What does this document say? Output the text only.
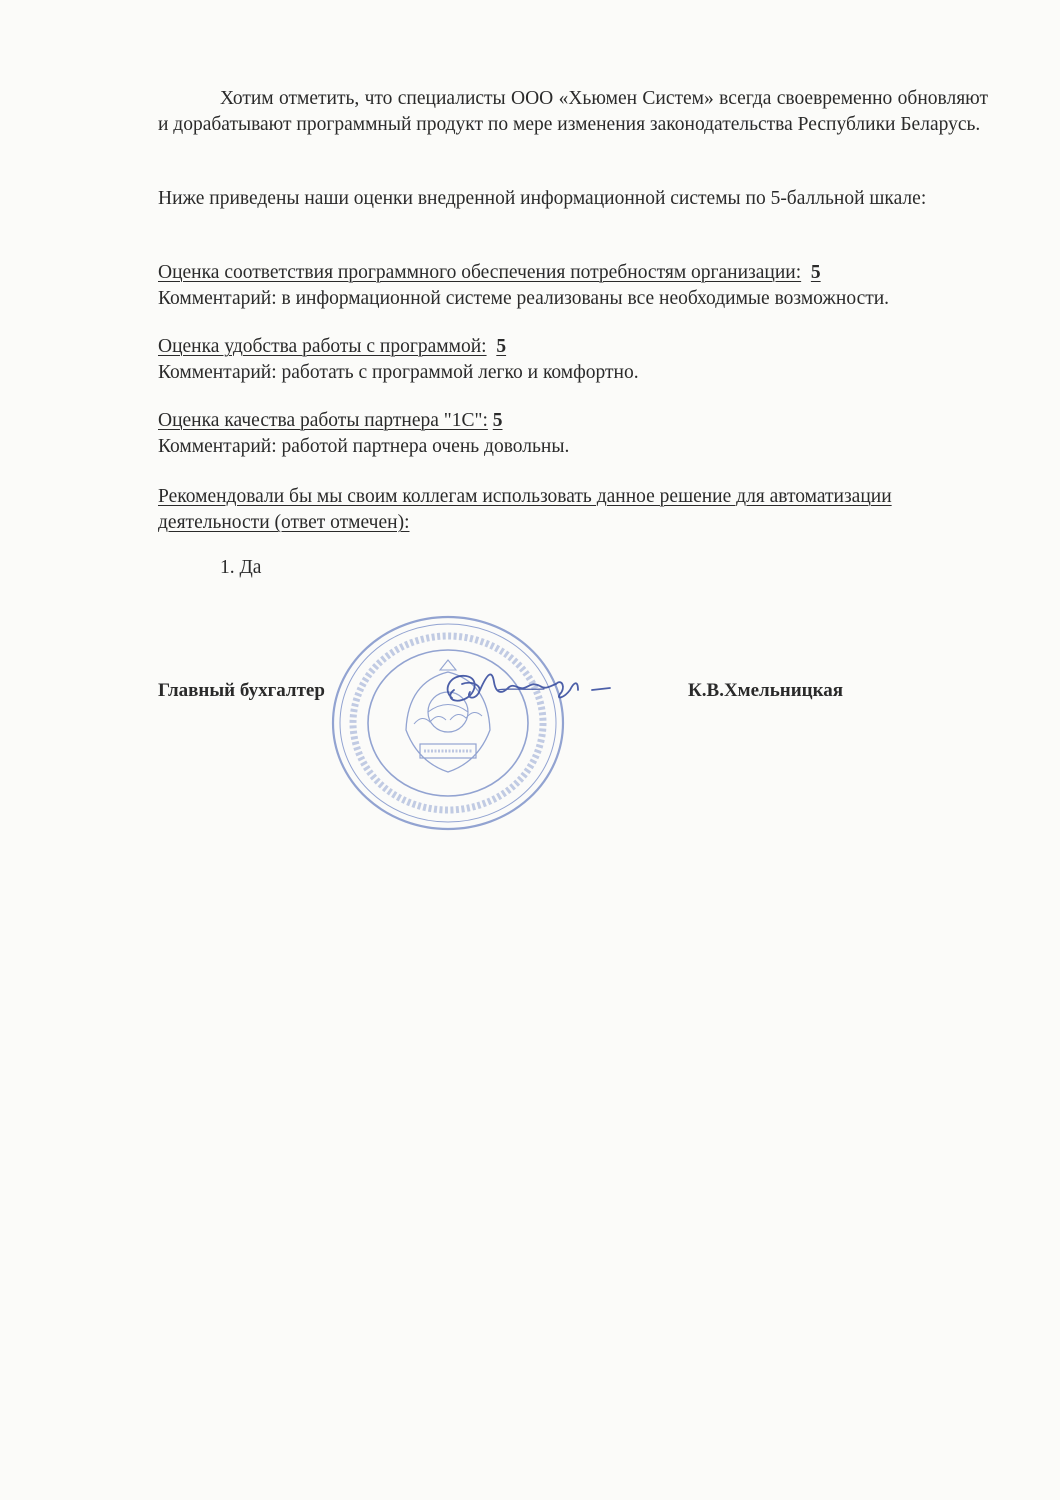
Хотим отметить, что специалисты ООО «Хьюмен Систем» всегда своевременно обновляют и дорабатывают программный продукт по мере изменения законодательства Республики Беларусь.

Ниже приведены наши оценки внедренной информационной системы по 5-балльной шкале:

Оценка соответствия программного обеспечения потребностям организации: 5
Комментарий: в информационной системе реализованы все необходимые возможности.
Оценка удобства работы с программой: 5
Комментарий: работать с программой легко и комфортно.
Оценка качества работы партнера "1С": 5
Комментарий: работой партнера очень довольны.
Рекомендовали бы мы своим коллегам использовать данное решение для автоматизации
деятельности (ответ отмечен):
1. Да
Главный бухгалтер	К.В.Хмельницкая
